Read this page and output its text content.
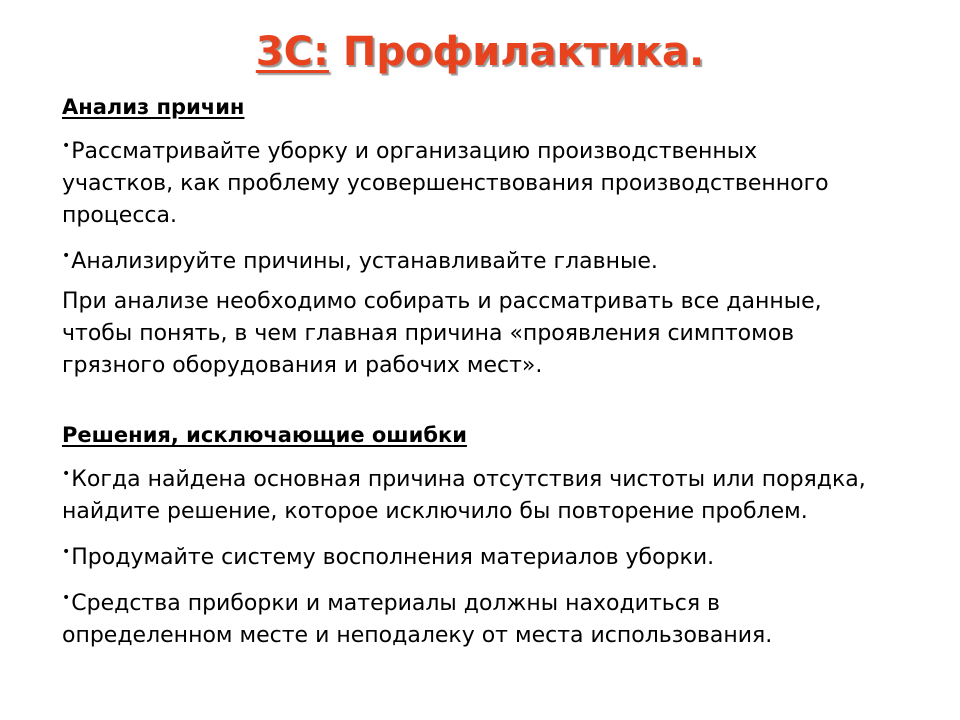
3С: Профилактика.
Анализ причин
•Рассматривайте уборку и организацию производственных
участков, как проблему усовершенствования производственного
процесса.
•Анализируйте причины, устанавливайте главные.
При анализе необходимо собирать и рассматривать все данные,
чтобы понять, в чем главная причина «проявления симптомов
грязного оборудования и рабочих мест».
Решения, исключающие ошибки
•Когда найдена основная причина отсутствия чистоты или порядка,
найдите решение, которое исключило бы повторение проблем.
•Продумайте систему восполнения материалов уборки.
•Средства приборки и материалы должны находиться в
определенном месте и неподалеку от места использования.
